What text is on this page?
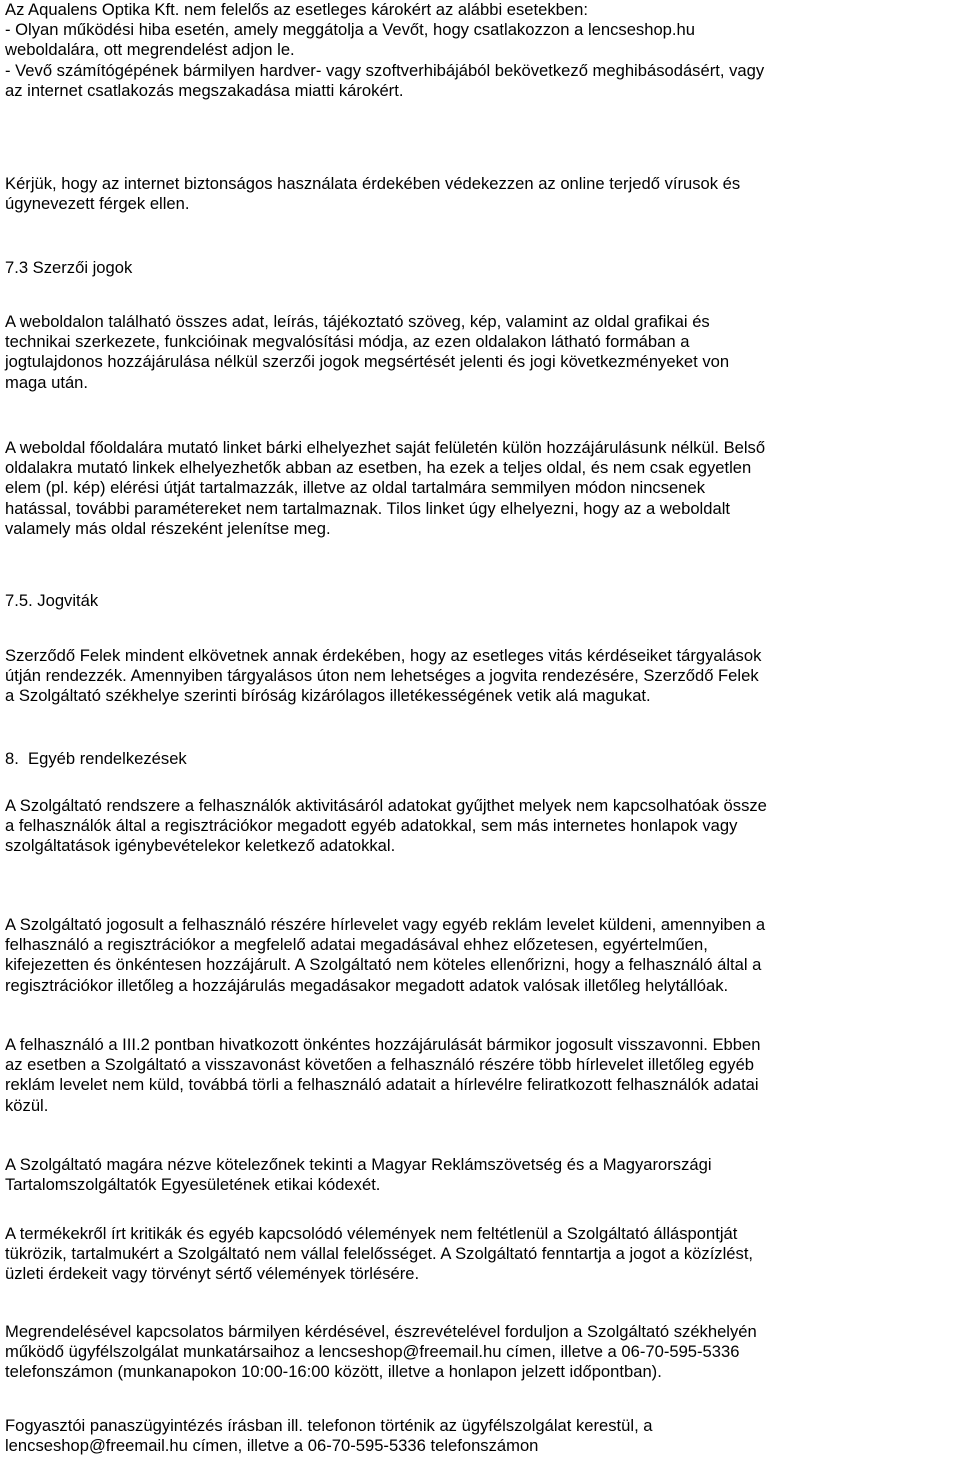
Az Aqualens Optika Kft. nem felelős az esetleges károkért az alábbi esetekben:
- Olyan működési hiba esetén, amely meggátolja a Vevőt, hogy csatlakozzon a lencseshop.hu
weboldalára, ott megrendelést adjon le.
- Vevő számítógépének bármilyen hardver- vagy szoftverhibájából bekövetkező meghibásodásért, vagy
az internet csatlakozás megszakadása miatti károkért.
Kérjük, hogy az internet biztonságos használata érdekében védekezzen az online terjedő vírusok és
úgynevezett férgek ellen.
7.3 Szerzői jogok
A weboldalon található összes adat, leírás, tájékoztató szöveg, kép, valamint az oldal grafikai és
technikai szerkezete, funkcióinak megvalósítási módja, az ezen oldalakon látható formában a
jogtulajdonos hozzájárulása nélkül szerzői jogok megsértését jelenti és jogi következményeket von
maga után.
A weboldal főoldalára mutató linket bárki elhelyezhet saját felületén külön hozzájárulásunk nélkül. Belső
oldalakra mutató linkek elhelyezhetők abban az esetben, ha ezek a teljes oldal, és nem csak egyetlen
elem (pl. kép) elérési útját tartalmazzák, illetve az oldal tartalmára semmilyen módon nincsenek
hatással, további paramétereket nem tartalmaznak. Tilos linket úgy elhelyezni, hogy az a weboldalt
valamely más oldal részeként jelenítse meg.
7.5. Jogviták
Szerződő Felek mindent elkövetnek annak érdekében, hogy az esetleges vitás kérdéseiket tárgyalások
útján rendezzék. Amennyiben tárgyalásos úton nem lehetséges a jogvita rendezésére, Szerződő Felek
a Szolgáltató székhelye szerinti bíróság kizárólagos illetékességének vetik alá magukat.
8.  Egyéb rendelkezések
A Szolgáltató rendszere a felhasználók aktivitásáról adatokat gyűjthet melyek nem kapcsolhatóak össze
a felhasználók által a regisztrációkor megadott egyéb adatokkal, sem más internetes honlapok vagy
szolgáltatások igénybevételekor keletkező adatokkal.
A Szolgáltató jogosult a felhasználó részére hírlevelet vagy egyéb reklám levelet küldeni, amennyiben a
felhasználó a regisztrációkor a megfelelő adatai megadásával ehhez előzetesen, egyértelműen,
kifejezetten és önkéntesen hozzájárult. A Szolgáltató nem köteles ellenőrizni, hogy a felhasználó által a
regisztrációkor illetőleg a hozzájárulás megadásakor megadott adatok valósak illetőleg helytállóak.
A felhasználó a III.2 pontban hivatkozott önkéntes hozzájárulását bármikor jogosult visszavonni. Ebben
az esetben a Szolgáltató a visszavonást követően a felhasználó részére több hírlevelet illetőleg egyéb
reklám levelet nem küld, továbbá törli a felhasználó adatait a hírlevélre feliratkozott felhasználók adatai
közül.
A Szolgáltató magára nézve kötelezőnek tekinti a Magyar Reklámszövetség és a Magyarországi
Tartalomszolgáltatók Egyesületének etikai kódexét.
A termékekről írt kritikák és egyéb kapcsolódó vélemények nem feltétlenül a Szolgáltató álláspontját
tükrözik, tartalmukért a Szolgáltató nem vállal felelősséget. A Szolgáltató fenntartja a jogot a közízlést,
üzleti érdekeit vagy törvényt sértő vélemények törlésére.
Megrendelésével kapcsolatos bármilyen kérdésével, észrevételével forduljon a Szolgáltató székhelyén
működő ügyfélszolgálat munkatársaihoz a lencseshop@freemail.hu címen, illetve a 06-70-595-5336
telefonszámon (munkanapokon 10:00-16:00 között, illetve a honlapon jelzett időpontban).
Fogyasztói panaszügyintézés írásban ill. telefonon történik az ügyfélszolgálat kerestül, a
lencseshop@freemail.hu címen, illetve a 06-70-595-5336 telefonszámon
